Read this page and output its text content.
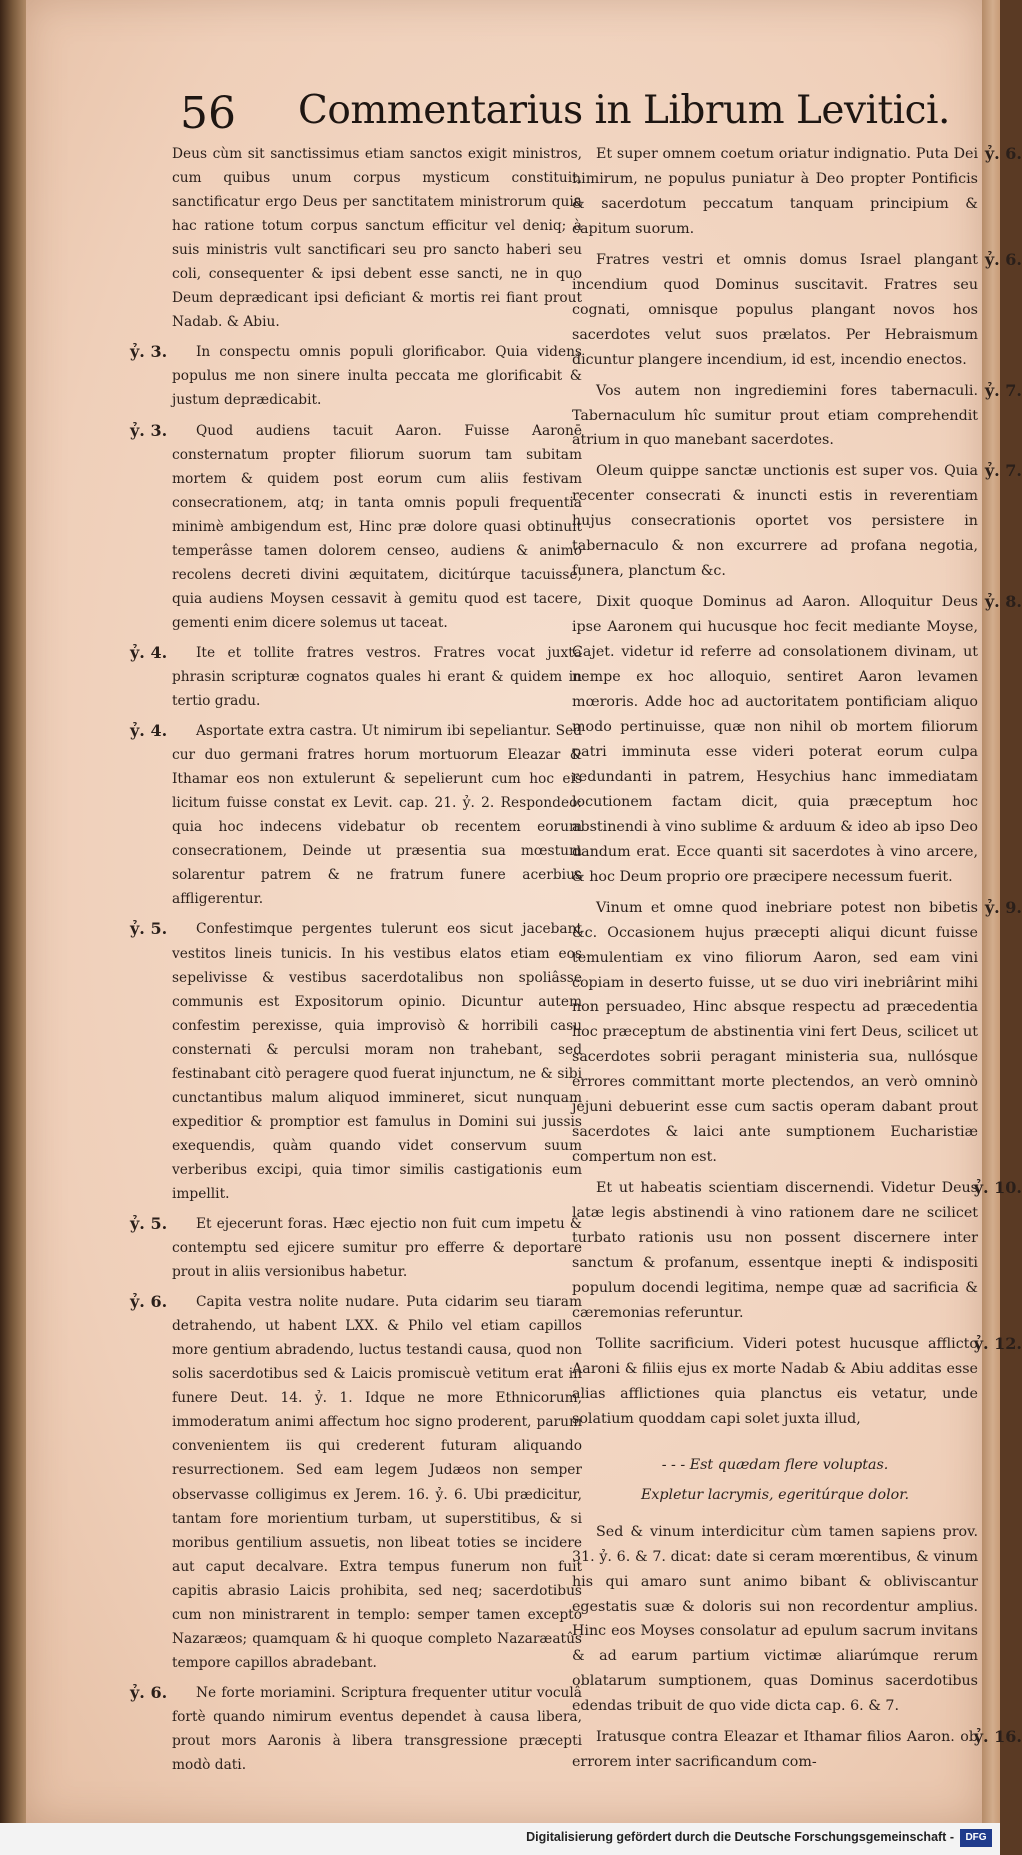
56 Commentarius in Librum Levitici.

Deus cùm sit sanctissimus etiam sanctos exigit ministros, cum quibus unum corpus mysticum constituit, sanctificatur ergo Deus per sanctitatem ministrorum quia hac ratione totum corpus sanctum efficitur vel deniq; à suis ministris vult sanctificari seu pro sancto haberi seu coli, consequenter & ipsi debent esse sancti, ne in quo Deum deprædicant ipsi deficiant & mortis rei fiant prout Nadab. & Abiu.

ỷ. 3. In conspectu omnis populi glorificabor. Quia videns populus me non sinere inulta peccata me glorificabit & justum deprædicabit.

ỷ. 3. Quod audiens tacuit Aaron. Fuisse Aaronē consternatum propter filiorum suorum tam subitam mortem & quidem post eorum cum aliis festivam consecrationem, atq; in tanta omnis populi frequentia minimè ambigendum est, Hinc præ dolore quasi obtinuit temperâsse tamen dolorem censeo, audiens & animo recolens decreti divini æquitatem, dicitúrque tacuisse, quia audiens Moysen cessavit à gemitu quod est tacere, gementi enim dicere solemus ut taceat.

ỷ. 4. Ite et tollite fratres vestros. Fratres vocat juxta phrasin scripturæ cognatos quales hi erant & quidem in tertio gradu.

ỷ. 4. Asportate extra castra. Ut nimirum ibi sepeliantur. Sed cur duo germani fratres horum mortuorum Eleazar & Ithamar eos non extulerunt & sepelierunt cum hoc eis licitum fuisse constat ex Levit. cap. 21. ỷ. 2. Respondeo: quia hoc indecens videbatur ob recentem eorum consecrationem, Deinde ut præsentia sua mœstum solarentur patrem & ne fratrum funere acerbius affligerentur.

ỷ. 5. Confestimque pergentes tulerunt eos sicut jacebant vestitos lineis tunicis. In his vestibus elatos etiam eos sepelivisse & vestibus sacerdotalibus non spoliâsse communis est Expositorum opinio. Dicuntur autem confestim perexisse, quia improvisò & horribili casu consternati & perculsi moram non trahebant, sed festinabant citò peragere quod fuerat injunctum, ne & sibi cunctantibus malum aliquod immineret, sicut nunquam expeditior & promptior est famulus in Domini sui jussis exequendis, quàm quando videt conservum suum verberibus excipi, quia timor similis castigationis eum impellit.

ỷ. 5. Et ejecerunt foras. Hæc ejectio non fuit cum impetu & contemptu sed ejicere sumitur pro efferre & deportare prout in aliis versionibus habetur.

ỷ. 6. Capita vestra nolite nudare. Puta cidarim seu tiaram detrahendo, ut habent LXX. & Philo vel etiam capillos more gentium abradendo, luctus testandi causa, quod non solis sacerdotibus sed & Laicis promiscuè vetitum erat in funere Deut. 14. ỷ. 1. Idque ne more Ethnicorum, immoderatum animi affectum hoc signo proderent, parum convenientem iis qui crederent futuram aliquando resurrectionem. Sed eam legem Judæos non semper observasse colligimus ex Jerem. 16. ỷ. 6. Ubi prædicitur, tantam fore morientium turbam, ut superstitibus, & si moribus gentilium assuetis, non libeat toties se incidere aut caput decalvare. Extra tempus funerum non fuit capitis abrasio Laicis prohibita, sed neq; sacerdotibus cum non ministrarent in templo: semper tamen excepto Nazaræos; quamquam & hi quoque completo Nazaræatûs tempore capillos abradebant.

ỷ. 6. Ne forte moriamini. Scriptura frequenter utitur voculâ fortè quando nimirum eventus dependet à causa libera, prout mors Aaronis à libera transgressione præcepti modò dati.

ỷ. 6.
Et super omnem coetum oriatur indignatio. Puta Dei nimirum, ne populus puniatur à Deo propter Pontificis & sacerdotum peccatum tanquam principium & capitum suorum.

ỷ. 6.
Fratres vestri et omnis domus Israel plangant incendium quod Dominus suscitavit. Fratres seu cognati, omnisque populus plangant novos hos sacerdotes velut suos prælatos. Per Hebraismum dicuntur plangere incendium, id est, incendio enectos.

ỷ. 7.
Vos autem non ingrediemini fores tabernaculi. Tabernaculum hîc sumitur prout etiam comprehendit atrium in quo manebant sacerdotes.

ỷ. 7.
Oleum quippe sanctæ unctionis est super vos. Quia recenter consecrati & inuncti estis in reverentiam hujus consecrationis oportet vos persistere in tabernaculo & non excurrere ad profana negotia, funera, planctum &c.

ỷ. 8.
Dixit quoque Dominus ad Aaron. Alloquitur Deus ipse Aaronem qui hucusque hoc fecit mediante Moyse, Cajet. videtur id referre ad consolationem divinam, ut nempe ex hoc alloquio, sentiret Aaron levamen mœroris. Adde hoc ad auctoritatem pontificiam aliquo modo pertinuisse, quæ non nihil ob mortem filiorum patri imminuta esse videri poterat eorum culpa redundanti in patrem, Hesychius hanc immediatam locutionem factam dicit, quia præceptum hoc abstinendi à vino sublime & arduum & ideo ab ipso Deo dandum erat. Ecce quanti sit sacerdotes à vino arcere, & hoc Deum proprio ore præcipere necessum fuerit.

ỷ. 9.
Vinum et omne quod inebriare potest non bibetis &c. Occasionem hujus præcepti aliqui dicunt fuisse temulentiam ex vino filiorum Aaron, sed eam vini copiam in deserto fuisse, ut se duo viri inebriârint mihi non persuadeo, Hinc absque respectu ad præcedentia hoc præceptum de abstinentia vini fert Deus, scilicet ut sacerdotes sobrii peragant ministeria sua, nullósque errores committant morte plectendos, an verò omninò jejuni debuerint esse cum sactis operam dabant prout sacerdotes & laici ante sumptionem Eucharistiæ compertum non est.

ỷ. 10.
Et ut habeatis scientiam discernendi. Videtur Deus latæ legis abstinendi à vino rationem dare ne scilicet turbato rationis usu non possent discernere inter sanctum & profanum, essentque inepti & indispositi populum docendi legitima, nempe quæ ad sacrificia & cæremonias referuntur.

ỷ. 12.
Tollite sacrificium. Videri potest hucusque afflicto Aaroni & filiis ejus ex morte Nadab & Abiu additas esse alias afflictiones quia planctus eis vetatur, unde solatium quoddam capi solet juxta illud,

- - - Est quædam flere voluptas.
Expletur lacrymis, egeritúrque dolor.

Sed & vinum interdicitur cùm tamen sapiens prov. 31. ỷ. 6. & 7. dicat: date si ceram mœrentibus, & vinum his qui amaro sunt animo bibant & obliviscantur egestatis suæ & doloris sui non recordentur amplius. Hinc eos Moyses consolatur ad epulum sacrum invitans & ad earum partium victimæ aliarúmque rerum oblatarum sumptionem, quas Dominus sacerdotibus edendas tribuit de quo vide dicta cap. 6. & 7.

ỷ. 16.
Iratusque contra Eleazar et Ithamar filios Aaron. ob errorem inter sacrificandum com-

Digitalisierung gefördert durch die Deutsche Forschungsgemeinschaft -	DFG
